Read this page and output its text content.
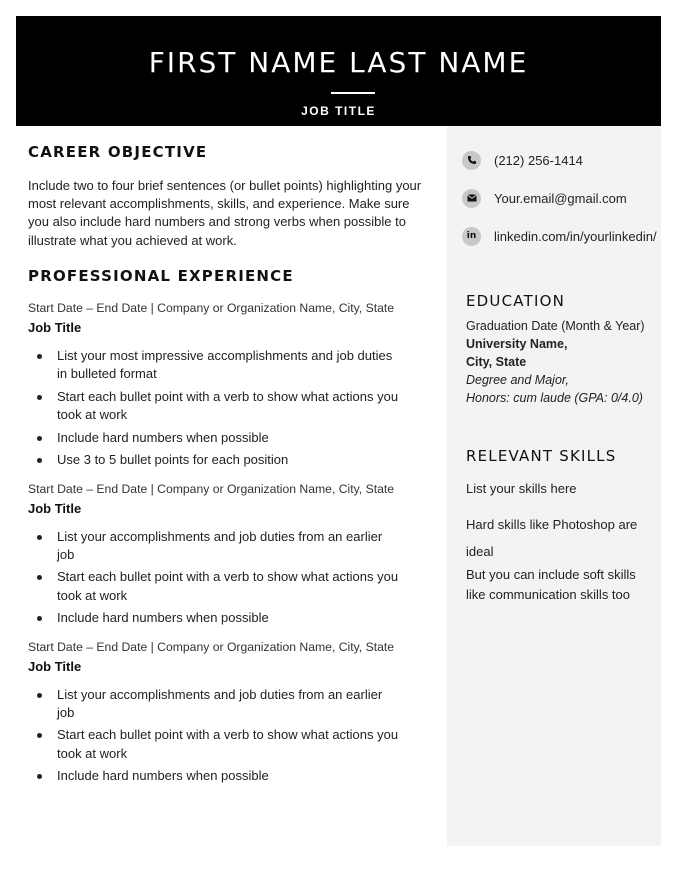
FIRST NAME LAST NAME
JOB TITLE
CAREER OBJECTIVE

Include two to four brief sentences (or bullet points) highlighting your most relevant accomplishments, skills, and experience. Make sure you also include hard numbers and strong verbs when possible to illustrate what you achieved at work.

PROFESSIONAL EXPERIENCE

Start Date – End Date | Company or Organization Name, City, State

Job Title

List your most impressive accomplishments and job duties in bulleted format
Start each bullet point with a verb to show what actions you took at work
Include hard numbers when possible
Use 3 to 5 bullet points for each position

Start Date – End Date | Company or Organization Name, City, State

Job Title

List your accomplishments and job duties from an earlier job
Start each bullet point with a verb to show what actions you took at work
Include hard numbers when possible

Start Date – End Date | Company or Organization Name, City, State

Job Title

List your accomplishments and job duties from an earlier job
Start each bullet point with a verb to show what actions you took at work
Include hard numbers when possible
(212) 256-1414
Your.email@gmail.com
in	linkedin.com/in/yourlinkedin/
EDUCATION
Graduation Date (Month & Year)
University Name,
City, State
Degree and Major,
Honors: cum laude (GPA: 0/4.0)
RELEVANT SKILLS
List your skills here
Hard skills like Photoshop are ideal
But you can include soft skills like communication skills too
